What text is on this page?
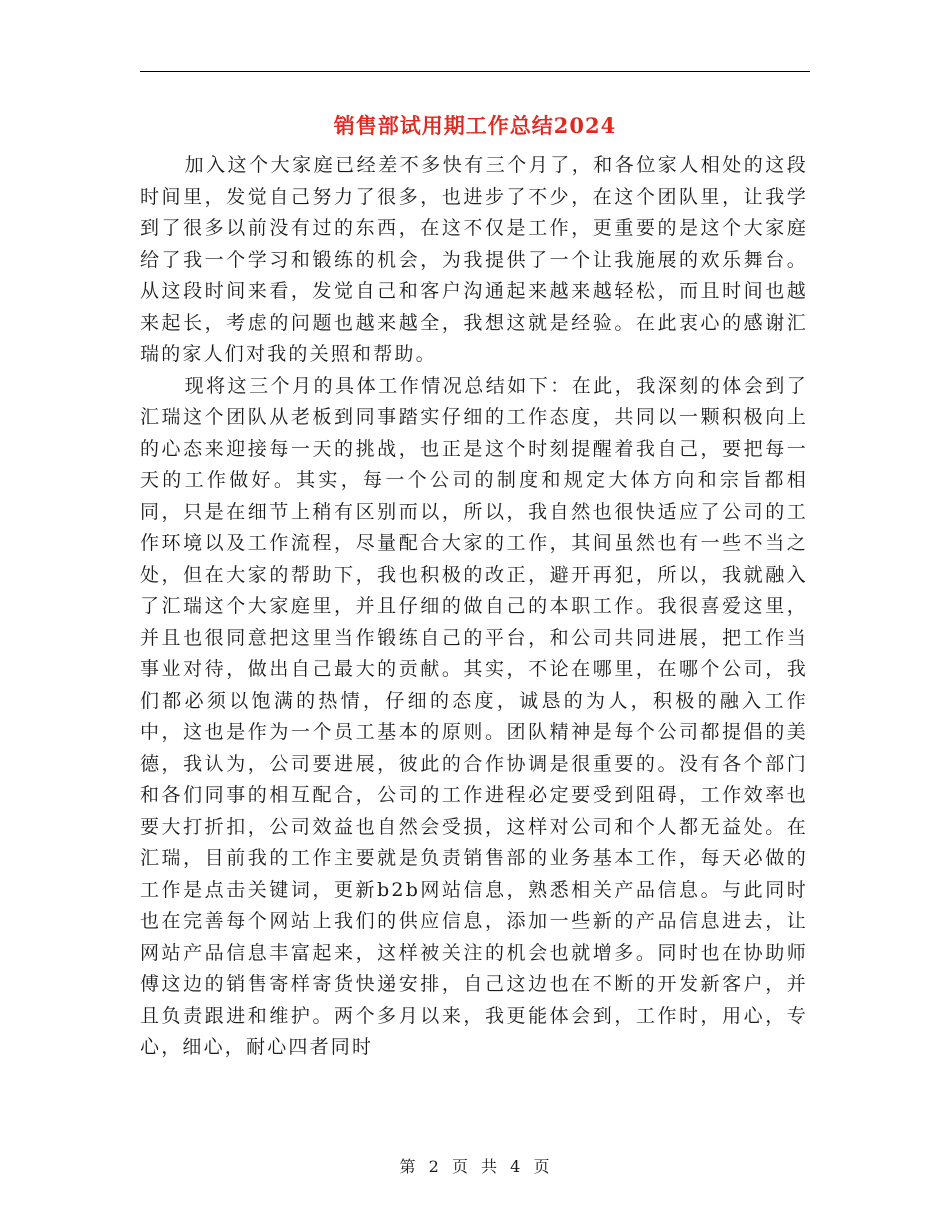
销售部试用期工作总结2024

加入这个大家庭已经差不多快有三个月了，和各位家人相处的这段时间里，发觉自己努力了很多，也进步了不少，在这个团队里，让我学到了很多以前没有过的东西，在这不仅是工作，更重要的是这个大家庭给了我一个学习和锻练的机会，为我提供了一个让我施展的欢乐舞台。从这段时间来看，发觉自己和客户沟通起来越来越轻松，而且时间也越来起长，考虑的问题也越来越全，我想这就是经验。在此衷心的感谢汇瑞的家人们对我的关照和帮助。

现将这三个月的具体工作情况总结如下：在此，我深刻的体会到了汇瑞这个团队从老板到同事踏实仔细的工作态度，共同以一颗积极向上的心态来迎接每一天的挑战，也正是这个时刻提醒着我自己，要把每一天的工作做好。其实，每一个公司的制度和规定大体方向和宗旨都相同，只是在细节上稍有区别而以，所以，我自然也很快适应了公司的工作环境以及工作流程，尽量配合大家的工作，其间虽然也有一些不当之处，但在大家的帮助下，我也积极的改正，避开再犯，所以，我就融入了汇瑞这个大家庭里，并且仔细的做自己的本职工作。我很喜爱这里，并且也很同意把这里当作锻练自己的平台，和公司共同进展，把工作当事业对待，做出自己最大的贡献。其实，不论在哪里，在哪个公司，我们都必须以饱满的热情，仔细的态度，诚恳的为人，积极的融入工作中，这也是作为一个员工基本的原则。团队精神是每个公司都提倡的美德，我认为，公司要进展，彼此的合作协调是很重要的。没有各个部门和各们同事的相互配合，公司的工作进程必定要受到阻碍，工作效率也要大打折扣，公司效益也自然会受损，这样对公司和个人都无益处。在汇瑞，目前我的工作主要就是负责销售部的业务基本工作，每天必做的工作是点击关键词，更新b2b网站信息，熟悉相关产品信息。与此同时也在完善每个网站上我们的供应信息，添加一些新的产品信息进去，让网站产品信息丰富起来，这样被关注的机会也就增多。同时也在协助师傅这边的销售寄样寄货快递安排，自己这边也在不断的开发新客户，并且负责跟进和维护。两个多月以来，我更能体会到，工作时，用心，专心，细心，耐心四者同时

第 2 页 共 4 页
